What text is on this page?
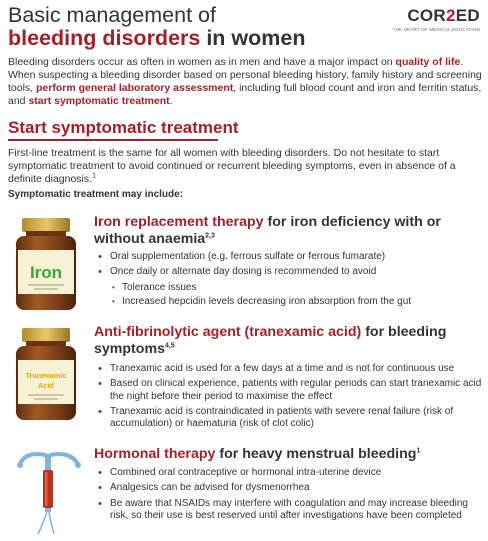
Basic management of
bleeding disorders in women
COR2ED
THE HEART OF MEDICAL EDUCATION
Bleeding disorders occur as often in women as in men and have a major impact on quality of life. When suspecting a bleeding disorder based on personal bleeding history, family history and screening tools, perform general laboratory assessment, including full blood count and iron and ferritin status, and start symptomatic treatment.
Start symptomatic treatment
First-line treatment is the same for all women with bleeding disorders. Do not hesitate to start symptomatic treatment to avoid continued or recurrent bleeding symptoms, even in absence of a definite diagnosis.$^1$
Symptomatic treatment may include:
Iron
Iron replacement therapy for iron deficiency with or without anaemia$^{2,3}$
• Oral supplementation (e.g. ferrous sulfate or ferrous fumarate)
• Once daily or alternate day dosing is recommended to avoid
• Tolerance issues
• Increased hepcidin levels decreasing iron absorption from the gut
Tranexamic
Acid
Anti-fibrinolytic agent (tranexamic acid) for bleeding symptoms$^{4,5}$
• Tranexamic acid is used for a few days at a time and is not for continuous use
• Based on clinical experience, patients with regular periods can start tranexamic acid the night before their period to maximise the effect
• Tranexamic acid is contraindicated in patients with severe renal failure (risk of accumulation) or haematuria (risk of clot colic)
Hormonal therapy for heavy menstrual bleeding$^1$
• Combined oral contraceptive or hormonal intra-uterine device
• Analgesics can be advised for dysmenorrhea
• Be aware that NSAIDs may interfere with coagulation and may increase bleeding risk, so their use is best reserved until after investigations have been completed
